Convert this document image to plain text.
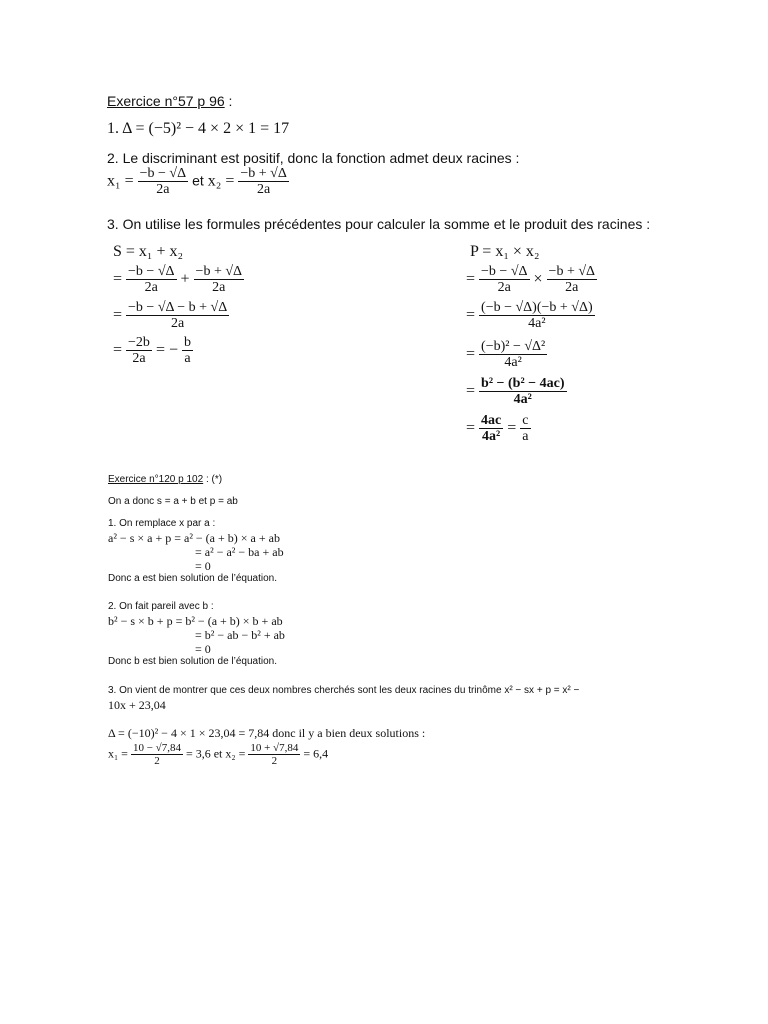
Exercice n°57 p 96 :
1. Δ = (−5)² − 4 × 2 × 1 = 17
2. Le discriminant est positif, donc la fonction admet deux racines :
$x_1 = \frac{-b - √\Delta}{2a}$ et $x_2 = \frac{-b + √\Delta}{2a}$
3. On utilise les formules précédentes pour calculer la somme et le produit des racines :
S = x₁ + x₂
= $\frac{-b - √\Delta}{2a} + \frac{-b + √\Delta}{2a}$
= $\frac{-b - √\Delta - b + √\Delta}{2a}$
= $\frac{-2b}{2a}$ = − $\frac{b}{a}$
P = x₁ × x₂
= $\frac{-b - √\Delta}{2a} \times \frac{-b + √\Delta}{2a}$
= $\frac{(-b - √\Delta)(-b + √\Delta)}{\text{4a²}}$
= $\frac{\text{(−b)² − √Δ²}}{\text{4a²}}$
= $\frac{\text{b² − (b² − 4ac)}}{\text{4a²}}$
= $\frac{4ac}{\text{4a²}} = \frac{c}{a}$
Exercice n°120 p 102 : (*)
On a donc s = a + b et p = ab
1. On remplace x par a :
a² − s × a + p = a² − (a + b) × a + ab
= a² − a² − ba + ab
= 0
Donc a est bien solution de l’équation.
2. On fait pareil avec b :
b² − s × b + p = b² − (a + b) × b + ab
= b² − ab − b² + ab
= 0
Donc b est bien solution de l’équation.
3. On vient de montrer que ces deux nombres cherchés sont les deux racines du trinôme x² − sx + p = x² −
10x + 23,04
Δ = (−10)² − 4 × 1 × 23,04 = 7,84 donc il y a bien deux solutions :
$x_1 = \frac{10 - √7,84}{2} = 3,6$ et $x_2 = \frac{10 + √7,84}{2} = 6,4$
